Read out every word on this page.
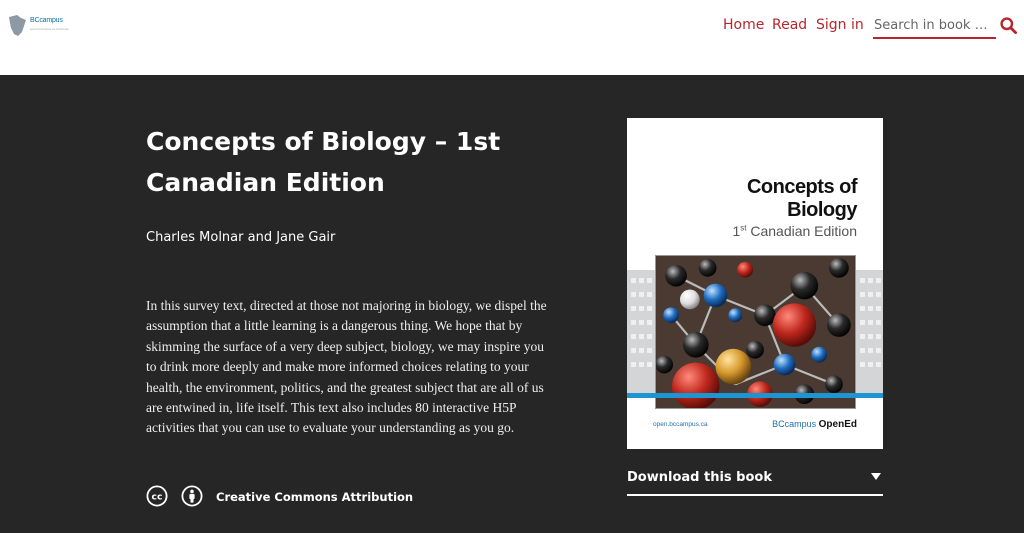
BCcampus
open.bccampus.ca textbooks	Home Read Sign in
Search in book …
Concepts of Biology – 1st Canadian Edition

Charles Molnar and Jane Gair

In this survey text, directed at those not majoring in biology, we dispel the assumption that a little learning is a dangerous thing. We hope that by skimming the surface of a very deep subject, biology, we may inspire you to drink more deeply and make more informed choices relating to your health, the environment, politics, and the greatest subject that are all of us are entwined in, life itself. This text also includes 80 interactive H5P activities that you can use to evaluate your understanding as you go.

cc	Creative Commons Attribution
Concepts of
Biology
1st Canadian Edition
open.bccampus.ca	BCcampus OpenEd
Download this book
